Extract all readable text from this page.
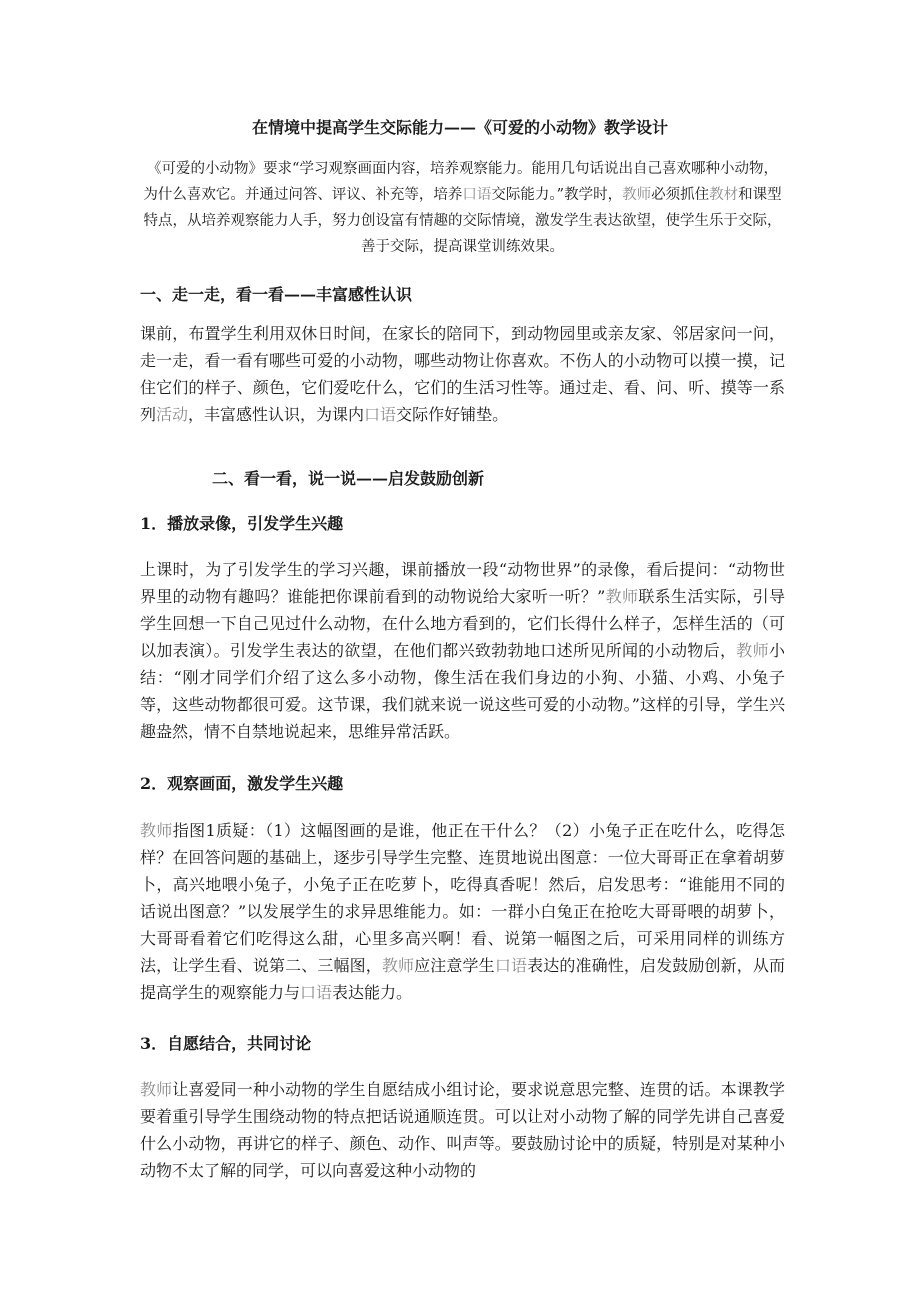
在情境中提高学生交际能力——《可爱的小动物》教学设计

《可爱的小动物》要求“学习观察画面内容，培养观察能力。能用几句话说出自己喜欢哪种小动物，为什么喜欢它。并通过问答、评议、补充等，培养口语交际能力。”教学时，教师必须抓住教材和课型特点，从培养观察能力人手，努力创设富有情趣的交际情境，激发学生表达欲望，使学生乐于交际，善于交际，提高课堂训练效果。

一、走一走，看一看——丰富感性认识

课前，布置学生利用双休日时间，在家长的陪同下，到动物园里或亲友家、邻居家问一问，走一走，看一看有哪些可爱的小动物，哪些动物让你喜欢。不伤人的小动物可以摸一摸，记住它们的样子、颜色，它们爱吃什么，它们的生活习性等。通过走、看、问、听、摸等一系列活动，丰富感性认识，为课内口语交际作好铺垫。

二、看一看，说一说——启发鼓励创新
1．播放录像，引发学生兴趣

上课时，为了引发学生的学习兴趣，课前播放一段“动物世界”的录像，看后提问：“动物世界里的动物有趣吗？谁能把你课前看到的动物说给大家听一听？”教师联系生活实际，引导学生回想一下自己见过什么动物，在什么地方看到的，它们长得什么样子，怎样生活的（可以加表演）。引发学生表达的欲望，在他们都兴致勃勃地口述所见所闻的小动物后，教师小结：“刚才同学们介绍了这么多小动物，像生活在我们身边的小狗、小猫、小鸡、小兔子等，这些动物都很可爱。这节课，我们就来说一说这些可爱的小动物。”这样的引导，学生兴趣盎然，情不自禁地说起来，思维异常活跃。

2．观察画面，激发学生兴趣

教师指图1质疑：（1）这幅图画的是谁，他正在干什么？（2）小兔子正在吃什么，吃得怎样？在回答问题的基础上，逐步引导学生完整、连贯地说出图意：一位大哥哥正在拿着胡萝卜，高兴地喂小兔子，小兔子正在吃萝卜，吃得真香呢！然后，启发思考：“谁能用不同的话说出图意？”以发展学生的求异思维能力。如：一群小白兔正在抢吃大哥哥喂的胡萝卜，大哥哥看着它们吃得这么甜，心里多高兴啊！看、说第一幅图之后，可采用同样的训练方法，让学生看、说第二、三幅图，教师应注意学生口语表达的准确性，启发鼓励创新，从而提高学生的观察能力与口语表达能力。

3．自愿结合，共同讨论

教师让喜爱同一种小动物的学生自愿结成小组讨论，要求说意思完整、连贯的话。本课教学要着重引导学生围绕动物的特点把话说通顺连贯。可以让对小动物了解的同学先讲自己喜爱什么小动物，再讲它的样子、颜色、动作、叫声等。要鼓励讨论中的质疑，特别是对某种小动物不太了解的同学，可以向喜爱这种小动物的
